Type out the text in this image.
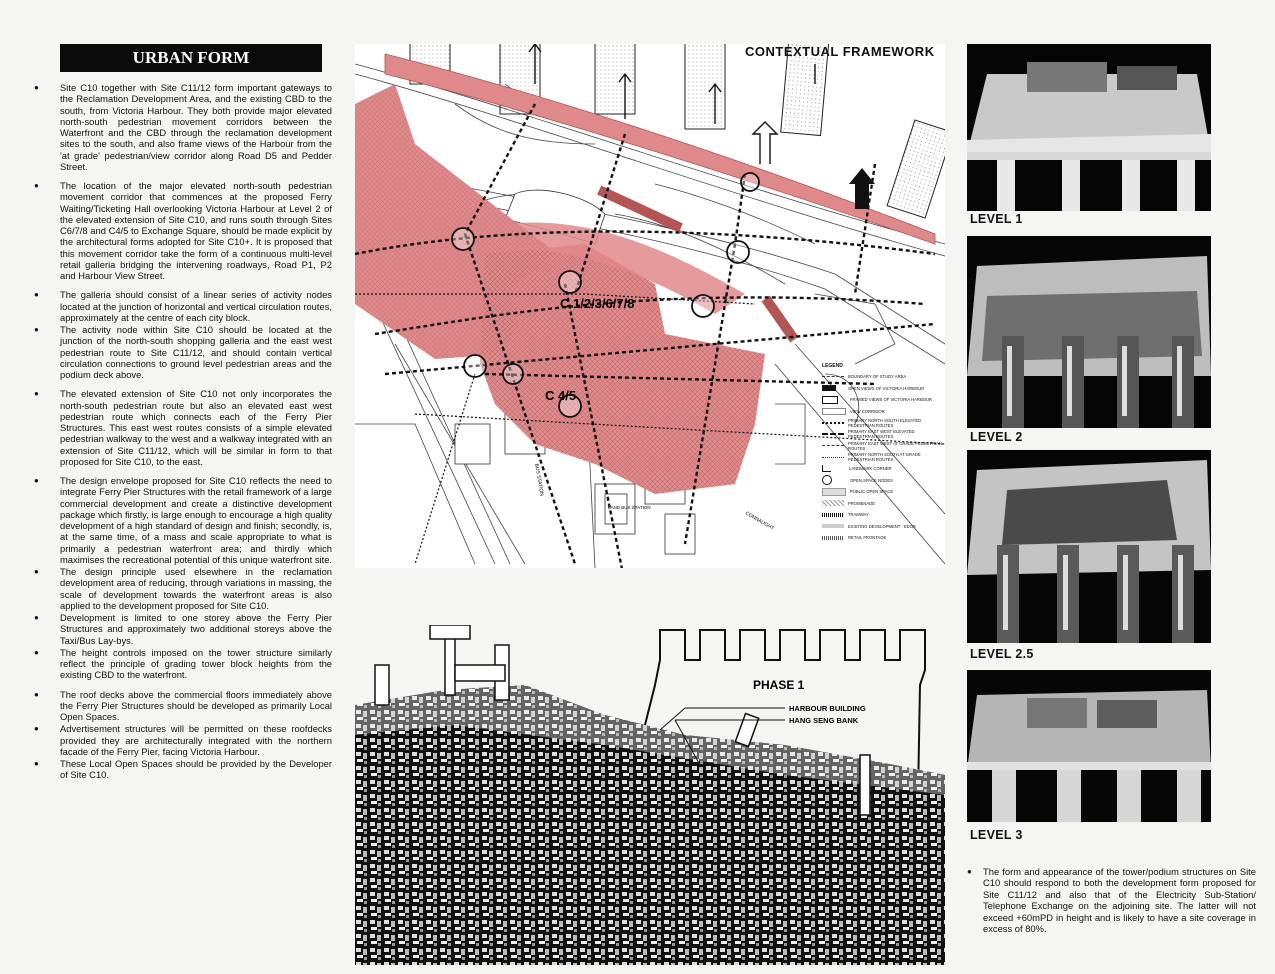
URBAN FORM
● Site C10 together with Site C11/12 form important gateways to the Reclamation Development Area, and the existing CBD to the south, from Victoria Harbour. They both provide major elevated north-south pedestrian movement corridors between the Waterfront and the CBD through the reclamation development sites to the south, and also frame views of the Harbour from the 'at grade' pedestrian/view corridor along Road D5 and Pedder Street.
● The location of the major elevated north-south pedestrian movement corridor that commences at the proposed Ferry Waiting/Ticketing Hall overlooking Victoria Harbour at Level 2 of the elevated extension of Site C10, and runs south through Sites C6/7/8 and C4/5 to Exchange Square, should be made explicit by the architectural forms adopted for Site C10+. It is proposed that this movement corridor take the form of a continuous multi-level retail galleria bridging the intervening roadways, Road P1, P2 and Harbour View Street.
● The galleria should consist of a linear series of activity nodes located at the junction of horizontal and vertical circulation routes, approximately at the centre of each city block.
● The activity node within Site C10 should be located at the junction of the north-south shopping galleria and the east west pedestrian route to Site C11/12, and should contain vertical circulation connections to ground level pedestrian areas and the podium deck above.
● The elevated extension of Site C10 not only incorporates the north-south pedestrian route but also an elevated east west pedestrian route which connects each of the Ferry Pier Structures. This east west routes consists of a simple elevated pedestrian walkway to the west and a walkway integrated with an extension of Site C11/12, which will be similar in form to that proposed for Site C10, to the east.
● The design envelope proposed for Site C10 reflects the need to integrate Ferry Pier Structures with the retail framework of a large commercial development and create a distinctive development package which firstly, is large enough to encourage a high quality development of a high standard of design and finish; secondly, is, at the same time, of a mass and scale appropriate to what is primarily a pedestrian waterfront area; and thirdly which maximises the recreational potential of this unique waterfront site.
● The design principle used elsewhere in the reclamation development area of reducing, through variations in massing, the scale of development towards the waterfront areas is also applied to the development proposed for Site C10.
● Development is limited to one storey above the Ferry Pier Structures and approximately two additional storeys above the Taxi/Bus Lay-bys.
● The height controls imposed on the tower structure similarly reflect the principle of grading tower block heights from the existing CBD to the waterfront.
● The roof decks above the commercial floors immediately above the Ferry Pier Structures should be developed as primarily Local Open Spaces.
● Advertisement structures will be permitted on these roofdecks provided they are architecturally integrated with the northern facade of the Ferry Pier, facing Victoria Harbour.
● These Local Open Spaces should be provided by the Developer of Site C10.
C 1/2/3/6/7/8
C 4/5
BUS STATION
LAND BUS STATION
CONNAUGHT
CONTEXTUAL FRAMEWORK
LEGEND
BOUNDARY OF STUDY AREA
OPEN VIEWS OF VICTORIA HARBOUR
FRAMED VIEWS OF VICTORIA HARBOUR
VIEW CORRIDOR
PRIMARY NORTH SOUTH ELEVATED PEDESTRIAN ROUTES
PRIMARY EAST WEST ELEVATED PEDESTRIAN ROUTES
PRIMARY EAST WEST AT GRADE PEDESTRIAN ROUTES
PRIMARY NORTH SOUTH AT GRADE PEDESTRIAN ROUTES
LANDMARK CORNER
OPEN SPACE NODES
PUBLIC OPEN SPACE
PROMENADE
TRAMWAY
EXISTING DEVELOPMENT - EDGE
RETAIL FRONTAGE
PHASE 1
HARBOUR BUILDING
HANG SENG BANK
LEVEL 1
LEVEL 2
LEVEL 2.5
LEVEL 3

● The form and appearance of the tower/podium structures on Site C10 should respond to both the development form proposed for Site C11/12 and also that of the Electricity Sub-Station/ Telephone Exchange on the adjoining site. The latter will not exceed +60mPD in height and is likely to have a site coverage in excess of 80%.
